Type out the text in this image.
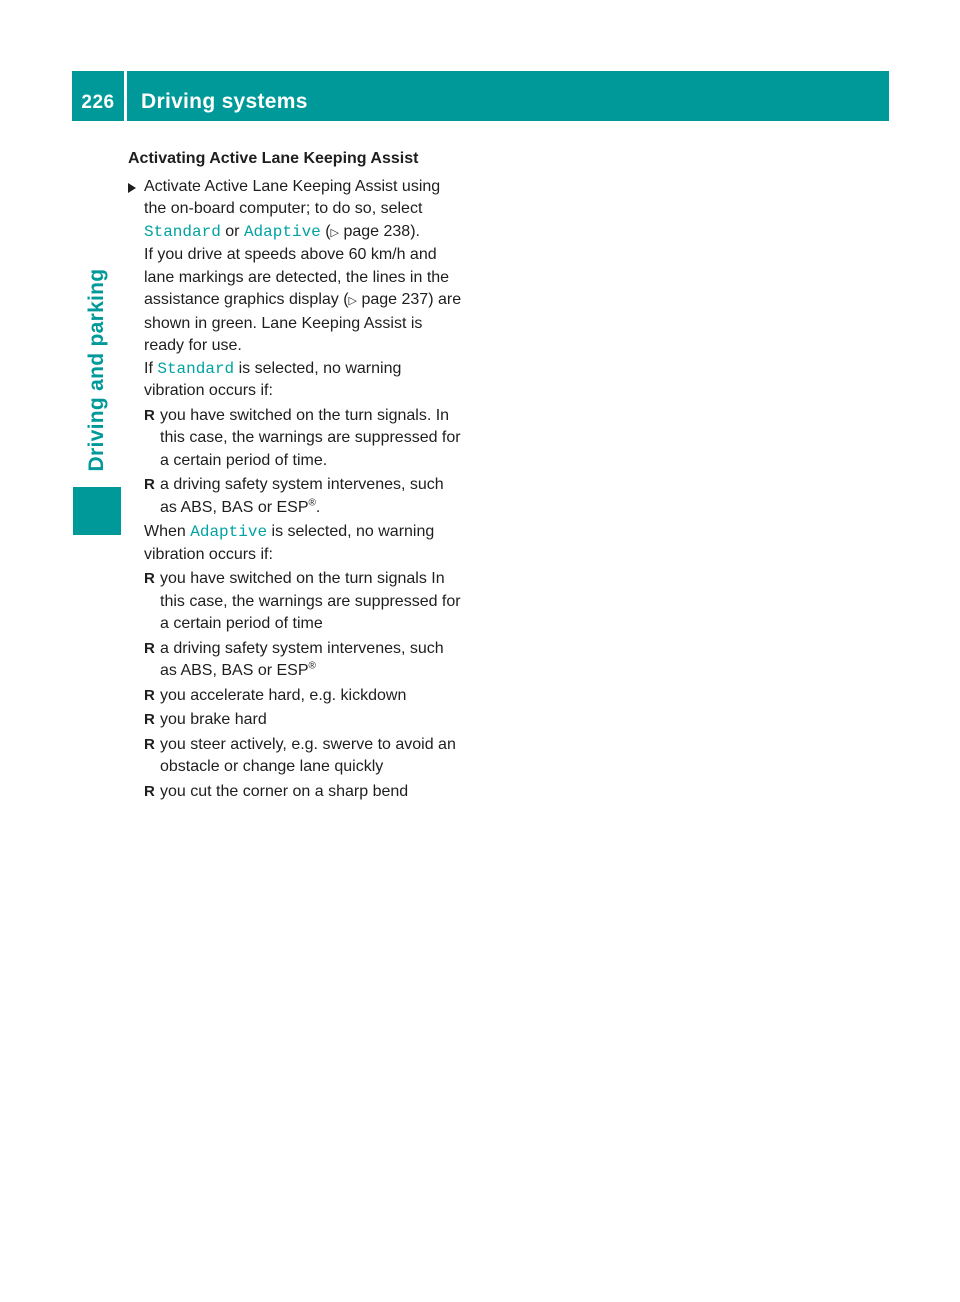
226	Driving systems
Driving and parking
Activating Active Lane Keeping Assist
Activate Active Lane Keeping Assist using the on-board computer; to do so, select Standard or Adaptive (▷ page 238).

If you drive at speeds above 60 km/h and lane markings are detected, the lines in the assistance graphics display (▷ page 237) are shown in green. Lane Keeping Assist is ready for use.

If Standard is selected, no warning vibration occurs if:

R you have switched on the turn signals. In this case, the warnings are suppressed for a certain period of time.
R a driving safety system intervenes, such as ABS, BAS or ESP®.

When Adaptive is selected, no warning vibration occurs if:

R you have switched on the turn signals In this case, the warnings are suppressed for a certain period of time
R a driving safety system intervenes, such as ABS, BAS or ESP®
R you accelerate hard, e.g. kickdown
R you brake hard
R you steer actively, e.g. swerve to avoid an obstacle or change lane quickly
R you cut the corner on a sharp bend
